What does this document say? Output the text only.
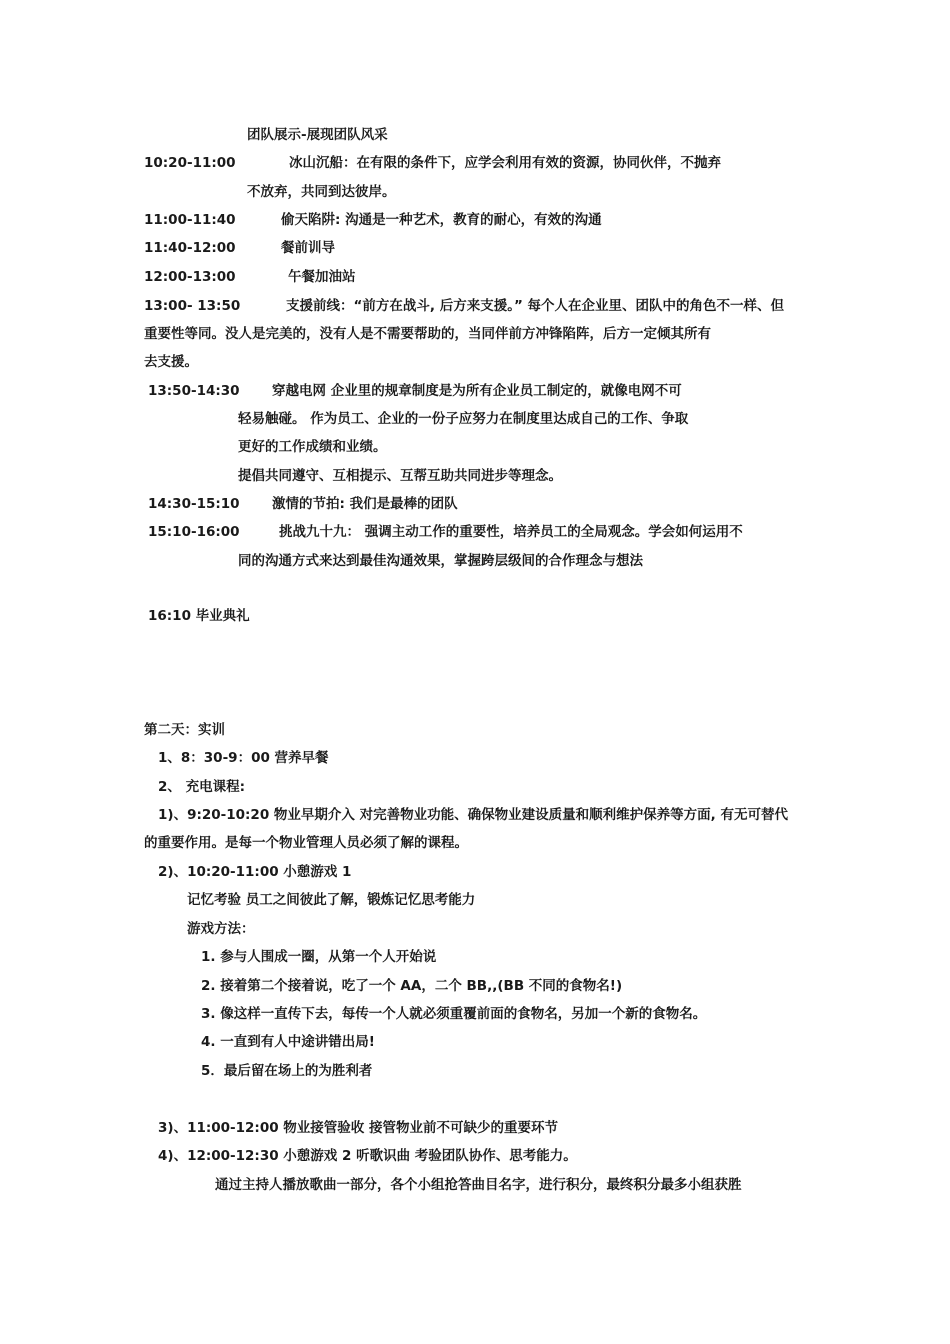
团队展示-展现团队风采
10:20-11:00	冰山沉船：在有限的条件下，应学会利用有效的资源，协同伙伴，不抛弃
不放弃，共同到达彼岸。
11:00-11:40	偷天陷阱: 沟通是一种艺术，教育的耐心，有效的沟通
11:40-12:00	餐前训导
12:00-13:00	午餐加油站
13:00- 13:50	支援前线：“前方在战斗, 后方来支援。” 每个人在企业里、团队中的角色不一样、但
重要性等同。没人是完美的，没有人是不需要帮助的，当同伴前方冲锋陷阵，后方一定倾其所有
去支援。
13:50-14:30 穿越电网 企业里的规章制度是为所有企业员工制定的，就像电网不可
轻易触碰。 作为员工、企业的一份子应努力在制度里达成自己的工作、争取
更好的工作成绩和业绩。
提倡共同遵守、互相提示、互帮互助共同进步等理念。
14:30-15:10 激情的节拍: 我们是最棒的团队
15:10-16:00	挑战九十九： 强调主动工作的重要性，培养员工的全局观念。学会如何运用不
同的沟通方式来达到最佳沟通效果，掌握跨层级间的合作理念与想法
16:10 毕业典礼
第二天：实训
1、8：30-9：00 营养早餐
2、 充电课程:
1)、9:20-10:20 物业早期介入 对完善物业功能、确保物业建设质量和顺利维护保养等方面, 有无可替代
的重要作用。是每一个物业管理人员必须了解的课程。
2)、10:20-11:00 小憩游戏 1
记忆考验 员工之间彼此了解，锻炼记忆思考能力
游戏方法：
1. 参与人围成一圈，从第一个人开始说
2. 接着第二个接着说，吃了一个 AA，二个 BB,,(BB 不同的食物名!)
3. 像这样一直传下去，每传一个人就必须重覆前面的食物名，另加一个新的食物名。
4. 一直到有人中途讲错出局!
5．最后留在场上的为胜利者
3)、11:00-12:00 物业接管验收 接管物业前不可缺少的重要环节
4)、12:00-12:30 小憩游戏 2 听歌识曲 考验团队协作、思考能力。
通过主持人播放歌曲一部分，各个小组抢答曲目名字，进行积分，最终积分最多小组获胜
